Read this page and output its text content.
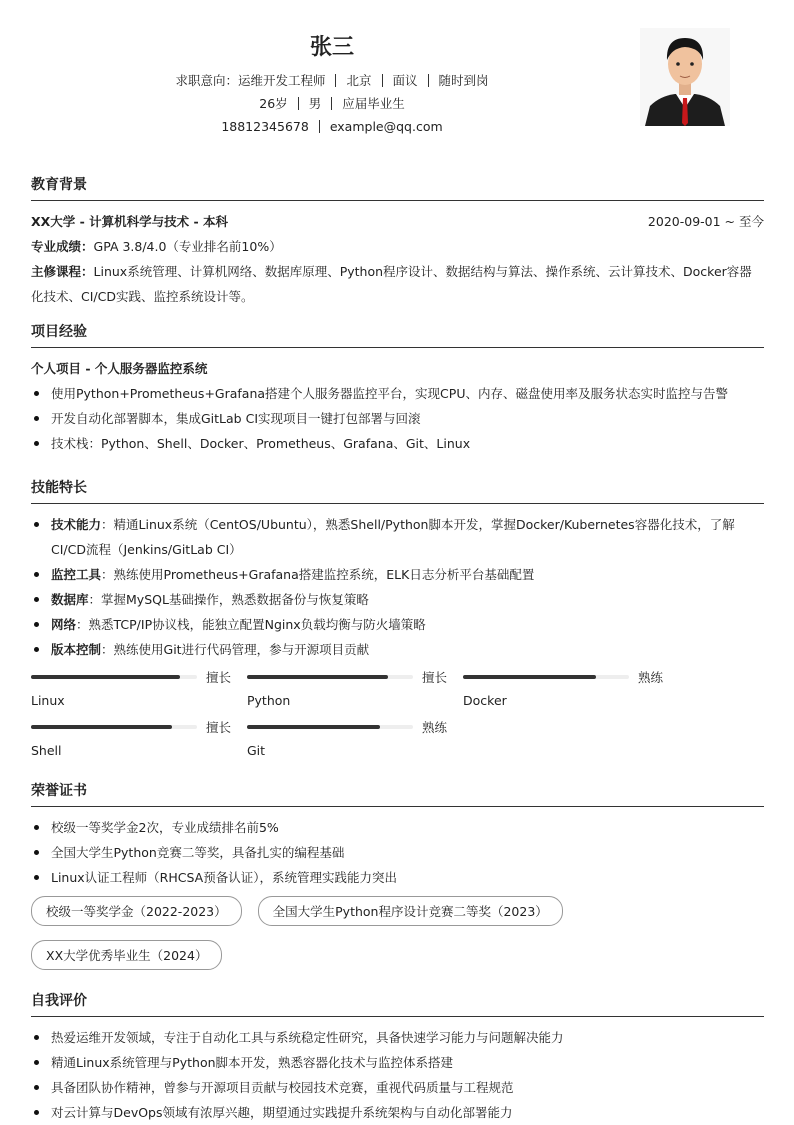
张三
求职意向：运维开发工程师 北京 面议 随时到岗
26岁 男 应届毕业生
18812345678 example@qq.com
教育背景
XX大学 - 计算机科学与技术 - 本科	2020-09-01 ~ 至今
专业成绩：GPA 3.8/4.0（专业排名前10%）
主修课程：Linux系统管理、计算机网络、数据库原理、Python程序设计、数据结构与算法、操作系统、云计算技术、Docker容器化技术、CI/CD实践、监控系统设计等。
项目经验
个人项目 - 个人服务器监控系统
使用Python+Prometheus+Grafana搭建个人服务器监控平台，实现CPU、内存、磁盘使用率及服务状态实时监控与告警
开发自动化部署脚本，集成GitLab CI实现项目一键打包部署与回滚
技术栈：Python、Shell、Docker、Prometheus、Grafana、Git、Linux
技能特长
技术能力：精通Linux系统（CentOS/Ubuntu），熟悉Shell/Python脚本开发，掌握Docker/Kubernetes容器化技术，了解CI/CD流程（Jenkins/GitLab CI）
监控工具：熟练使用Prometheus+Grafana搭建监控系统，ELK日志分析平台基础配置
数据库：掌握MySQL基础操作，熟悉数据备份与恢复策略
网络：熟悉TCP/IP协议栈，能独立配置Nginx负载均衡与防火墙策略
版本控制：熟练使用Git进行代码管理，参与开源项目贡献
擅长
Linux
擅长
Python
熟练
Docker
擅长
Shell
熟练
Git
荣誉证书
校级一等奖学金2次，专业成绩排名前5%
全国大学生Python竞赛二等奖，具备扎实的编程基础
Linux认证工程师（RHCSA预备认证），系统管理实践能力突出
校级一等奖学金（2022-2023）	全国大学生Python程序设计竞赛二等奖（2023）
XX大学优秀毕业生（2024）
自我评价
热爱运维开发领域，专注于自动化工具与系统稳定性研究，具备快速学习能力与问题解决能力
精通Linux系统管理与Python脚本开发，熟悉容器化技术与监控体系搭建
具备团队协作精神，曾参与开源项目贡献与校园技术竞赛，重视代码质量与工程规范
对云计算与DevOps领域有浓厚兴趣，期望通过实践提升系统架构与自动化部署能力
